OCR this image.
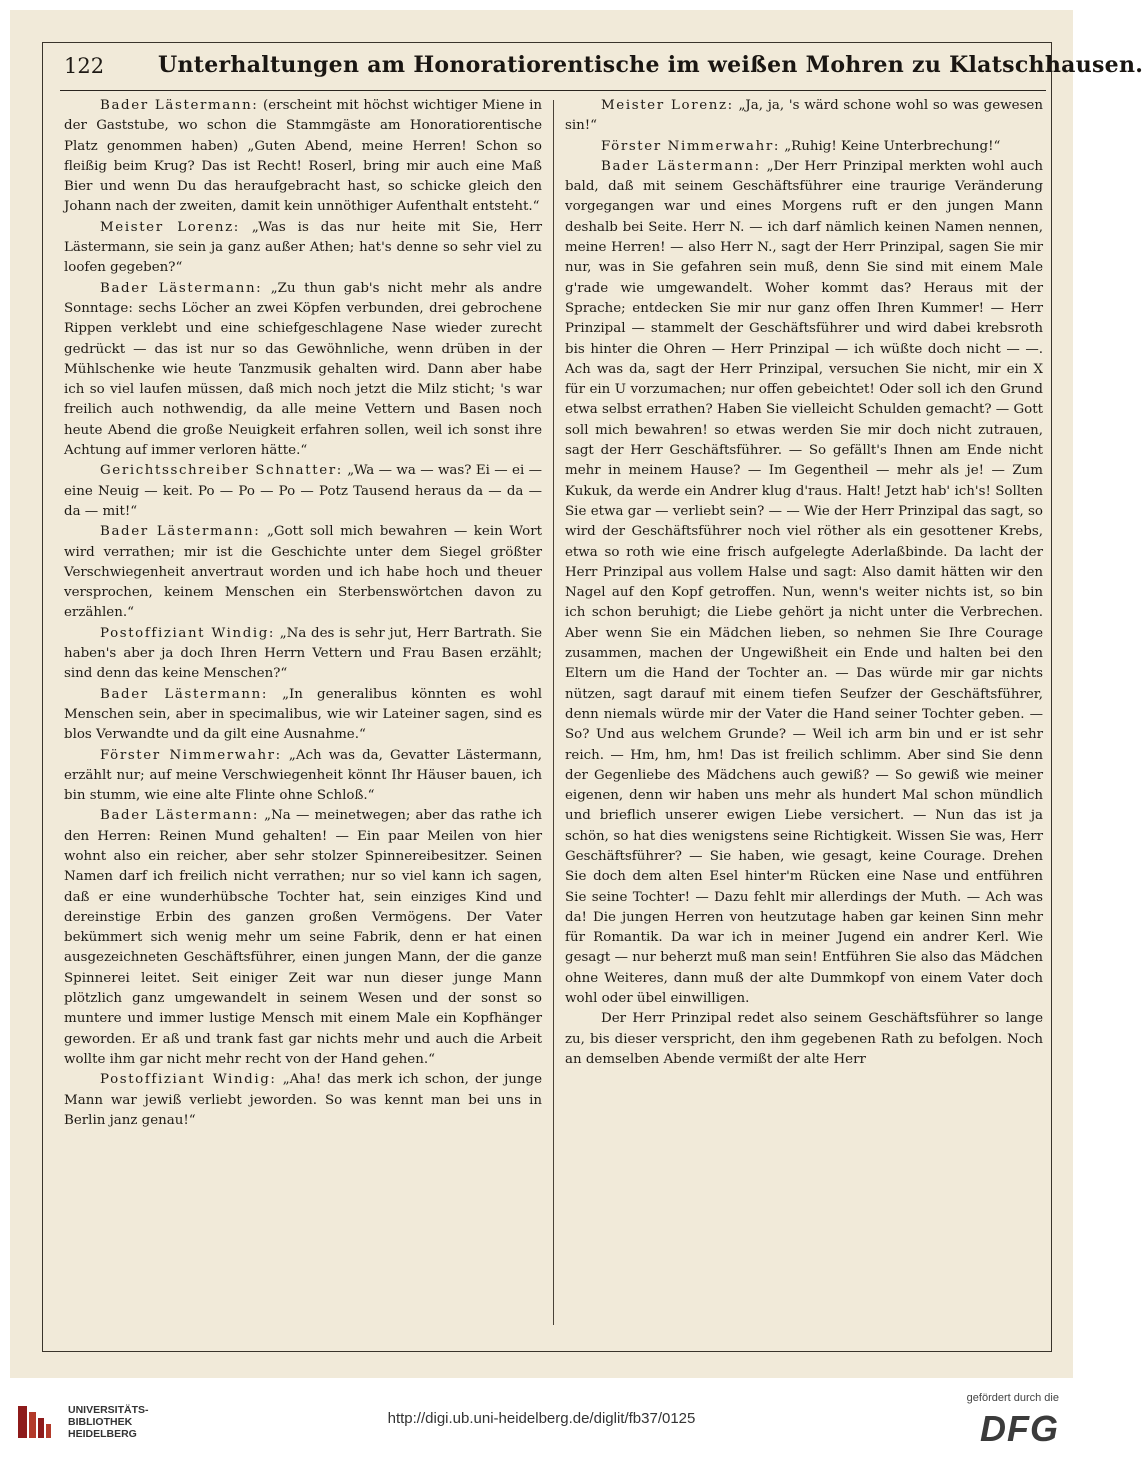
122 Unterhaltungen am Honoratiorentische im weißen Mohren zu Klatschhausen.

Bader Lästermann: (erscheint mit höchst wichtiger Miene in der Gaststube, wo schon die Stammgäste am Honoratiorentische Platz genommen haben) „Guten Abend, meine Herren! Schon so fleißig beim Krug? Das ist Recht! Roserl, bring mir auch eine Maß Bier und wenn Du das heraufgebracht hast, so schicke gleich den Johann nach der zweiten, damit kein unnöthiger Aufenthalt entsteht.“

Meister Lorenz: „Was is das nur heite mit Sie, Herr Lästermann, sie sein ja ganz außer Athen; hat's denne so sehr viel zu loofen gegeben?“

Bader Lästermann: „Zu thun gab's nicht mehr als andre Sonntage: sechs Löcher an zwei Köpfen verbunden, drei gebrochene Rippen verklebt und eine schiefgeschlagene Nase wieder zurecht gedrückt — das ist nur so das Gewöhnliche, wenn drüben in der Mühlschenke wie heute Tanzmusik gehalten wird. Dann aber habe ich so viel laufen müssen, daß mich noch jetzt die Milz sticht; 's war freilich auch nothwendig, da alle meine Vettern und Basen noch heute Abend die große Neuigkeit erfahren sollen, weil ich sonst ihre Achtung auf immer verloren hätte.“

Gerichtsschreiber Schnatter: „Wa — wa — was? Ei — ei — eine Neuig — keit. Po — Po — Po — Potz Tausend heraus da — da — da — mit!“

Bader Lästermann: „Gott soll mich bewahren — kein Wort wird verrathen; mir ist die Geschichte unter dem Siegel größter Verschwiegenheit anvertraut worden und ich habe hoch und theuer versprochen, keinem Menschen ein Sterbenswörtchen davon zu erzählen.“

Postoffiziant Windig: „Na des is sehr jut, Herr Bartrath. Sie haben's aber ja doch Ihren Herrn Vettern und Frau Basen erzählt; sind denn das keine Menschen?“

Bader Lästermann: „In generalibus könnten es wohl Menschen sein, aber in specimalibus, wie wir Lateiner sagen, sind es blos Verwandte und da gilt eine Ausnahme.“

Förster Nimmerwahr: „Ach was da, Gevatter Lästermann, erzählt nur; auf meine Verschwiegenheit könnt Ihr Häuser bauen, ich bin stumm, wie eine alte Flinte ohne Schloß.“

Bader Lästermann: „Na — meinetwegen; aber das rathe ich den Herren: Reinen Mund gehalten! — Ein paar Meilen von hier wohnt also ein reicher, aber sehr stolzer Spinnereibesitzer. Seinen Namen darf ich freilich nicht verrathen; nur so viel kann ich sagen, daß er eine wunderhübsche Tochter hat, sein einziges Kind und dereinstige Erbin des ganzen großen Vermögens. Der Vater bekümmert sich wenig mehr um seine Fabrik, denn er hat einen ausgezeichneten Geschäftsführer, einen jungen Mann, der die ganze Spinnerei leitet. Seit einiger Zeit war nun dieser junge Mann plötzlich ganz umgewandelt in seinem Wesen und der sonst so muntere und immer lustige Mensch mit einem Male ein Kopfhänger geworden. Er aß und trank fast gar nichts mehr und auch die Arbeit wollte ihm gar nicht mehr recht von der Hand gehen.“

Postoffiziant Windig: „Aha! das merk ich schon, der junge Mann war jewiß verliebt jeworden. So was kennt man bei uns in Berlin janz genau!“

Meister Lorenz: „Ja, ja, 's wärd schone wohl so was gewesen sin!“

Förster Nimmerwahr: „Ruhig! Keine Unterbrechung!“

Bader Lästermann: „Der Herr Prinzipal merkten wohl auch bald, daß mit seinem Geschäftsführer eine traurige Veränderung vorgegangen war und eines Morgens ruft er den jungen Mann deshalb bei Seite. Herr N. — ich darf nämlich keinen Namen nennen, meine Herren! — also Herr N., sagt der Herr Prinzipal, sagen Sie mir nur, was in Sie gefahren sein muß, denn Sie sind mit einem Male g'rade wie umgewandelt. Woher kommt das? Heraus mit der Sprache; entdecken Sie mir nur ganz offen Ihren Kummer! — Herr Prinzipal — stammelt der Geschäftsführer und wird dabei krebsroth bis hinter die Ohren — Herr Prinzipal — ich wüßte doch nicht — —. Ach was da, sagt der Herr Prinzipal, versuchen Sie nicht, mir ein X für ein U vorzumachen; nur offen gebeichtet! Oder soll ich den Grund etwa selbst errathen? Haben Sie vielleicht Schulden gemacht? — Gott soll mich bewahren! so etwas werden Sie mir doch nicht zutrauen, sagt der Herr Geschäftsführer. — So gefällt's Ihnen am Ende nicht mehr in meinem Hause? — Im Gegentheil — mehr als je! — Zum Kukuk, da werde ein Andrer klug d'raus. Halt! Jetzt hab' ich's! Sollten Sie etwa gar — verliebt sein? — — Wie der Herr Prinzipal das sagt, so wird der Geschäftsführer noch viel röther als ein gesottener Krebs, etwa so roth wie eine frisch aufgelegte Aderlaßbinde. Da lacht der Herr Prinzipal aus vollem Halse und sagt: Also damit hätten wir den Nagel auf den Kopf getroffen. Nun, wenn's weiter nichts ist, so bin ich schon beruhigt; die Liebe gehört ja nicht unter die Verbrechen. Aber wenn Sie ein Mädchen lieben, so nehmen Sie Ihre Courage zusammen, machen der Ungewißheit ein Ende und halten bei den Eltern um die Hand der Tochter an. — Das würde mir gar nichts nützen, sagt darauf mit einem tiefen Seufzer der Geschäftsführer, denn niemals würde mir der Vater die Hand seiner Tochter geben. — So? Und aus welchem Grunde? — Weil ich arm bin und er ist sehr reich. — Hm, hm, hm! Das ist freilich schlimm. Aber sind Sie denn der Gegenliebe des Mädchens auch gewiß? — So gewiß wie meiner eigenen, denn wir haben uns mehr als hundert Mal schon mündlich und brieflich unserer ewigen Liebe versichert. — Nun das ist ja schön, so hat dies wenigstens seine Richtigkeit. Wissen Sie was, Herr Geschäftsführer? — Sie haben, wie gesagt, keine Courage. Drehen Sie doch dem alten Esel hinter'm Rücken eine Nase und entführen Sie seine Tochter! — Dazu fehlt mir allerdings der Muth. — Ach was da! Die jungen Herren von heutzutage haben gar keinen Sinn mehr für Romantik. Da war ich in meiner Jugend ein andrer Kerl. Wie gesagt — nur beherzt muß man sein! Entführen Sie also das Mädchen ohne Weiteres, dann muß der alte Dummkopf von einem Vater doch wohl oder übel einwilligen.

Der Herr Prinzipal redet also seinem Geschäftsführer so lange zu, bis dieser verspricht, den ihm gegebenen Rath zu befolgen. Noch an demselben Abende vermißt der alte Herr

UNIVERSITÄTS-
BIBLIOTHEK
HEIDELBERG
http://digi.ub.uni-heidelberg.de/diglit/fb37/0125
gefördert durch die
DFG
